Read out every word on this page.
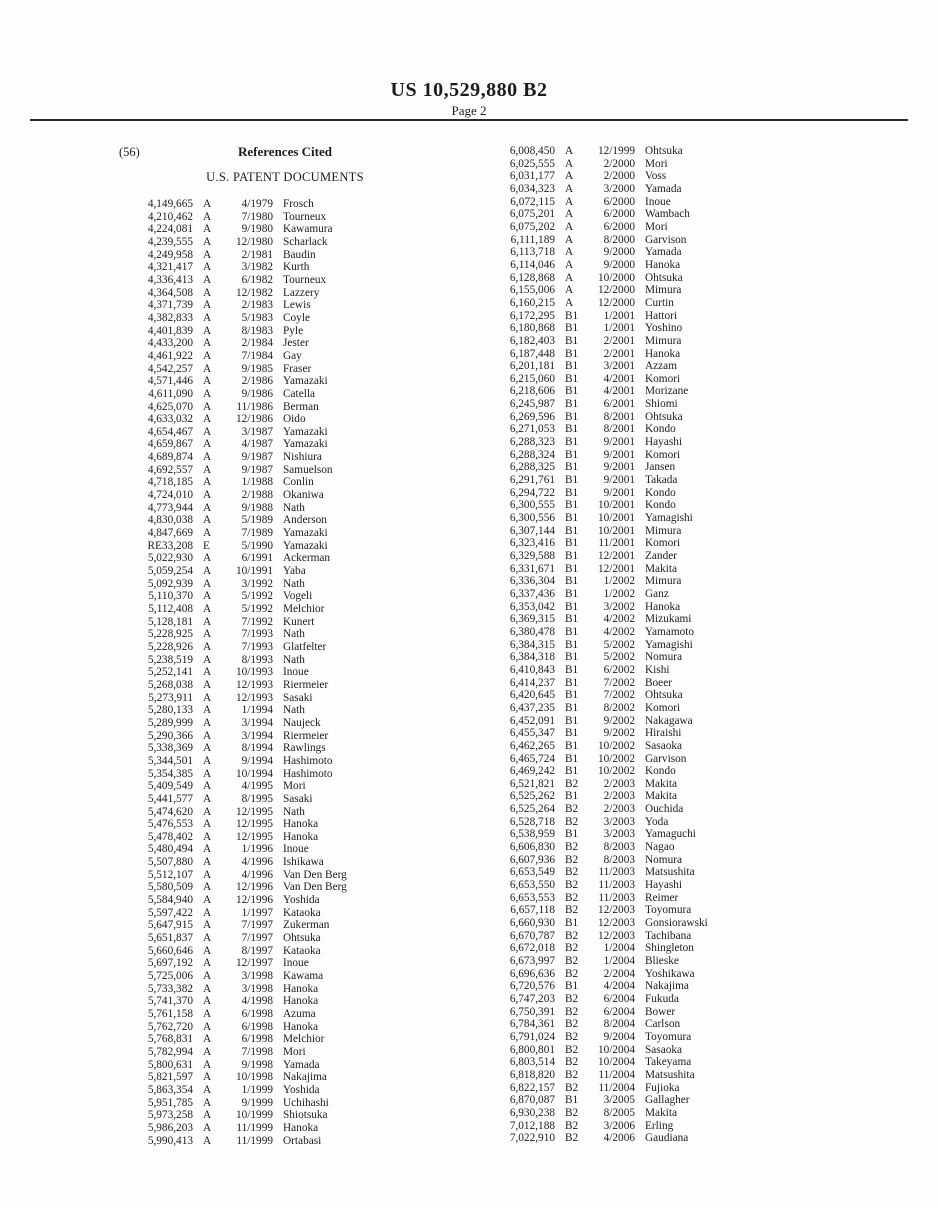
US 10,529,880 B2
Page 2
(56)	References Cited
U.S. PATENT DOCUMENTS
4,149,665 A	4/1979 Frosch
4,210,462 A	7/1980 Tourneux
4,224,081 A	9/1980 Kawamura
4,239,555 A	12/1980 Scharlack
4,249,958 A	2/1981 Baudin
4,321,417 A	3/1982 Kurth
4,336,413 A	6/1982 Tourneux
4,364,508 A	12/1982 Lazzery
4,371,739 A	2/1983 Lewis
4,382,833 A	5/1983 Coyle
4,401,839 A	8/1983 Pyle
4,433,200 A	2/1984 Jester
4,461,922 A	7/1984 Gay
4,542,257 A	9/1985 Fraser
4,571,446 A	2/1986 Yamazaki
4,611,090 A	9/1986 Catella
4,625,070 A	11/1986 Berman
4,633,032 A	12/1986 Oido
4,654,467 A	3/1987 Yamazaki
4,659,867 A	4/1987 Yamazaki
4,689,874 A	9/1987 Nishiura
4,692,557 A	9/1987 Samuelson
4,718,185 A	1/1988 Conlin
4,724,010 A	2/1988 Okaniwa
4,773,944 A	9/1988 Nath
4,830,038 A	5/1989 Anderson
4,847,669 A	7/1989 Yamazaki
RE33,208 E	5/1990 Yamazaki
5,022,930 A	6/1991 Ackerman
5,059,254 A	10/1991 Yaba
5,092,939 A	3/1992 Nath
5,110,370 A	5/1992 Vogeli
5,112,408 A	5/1992 Melchior
5,128,181 A	7/1992 Kunert
5,228,925 A	7/1993 Nath
5,228,926 A	7/1993 Glatfelter
5,238,519 A	8/1993 Nath
5,252,141 A	10/1993 Inoue
5,268,038 A	12/1993 Riermeier
5,273,911 A	12/1993 Sasaki
5,280,133 A	1/1994 Nath
5,289,999 A	3/1994 Naujeck
5,290,366 A	3/1994 Riermeier
5,338,369 A	8/1994 Rawlings
5,344,501 A	9/1994 Hashimoto
5,354,385 A	10/1994 Hashimoto
5,409,549 A	4/1995 Mori
5,441,577 A	8/1995 Sasaki
5,474,620 A	12/1995 Nath
5,476,553 A	12/1995 Hanoka
5,478,402 A	12/1995 Hanoka
5,480,494 A	1/1996 Inoue
5,507,880 A	4/1996 Ishikawa
5,512,107 A	4/1996 Van Den Berg
5,580,509 A	12/1996 Van Den Berg
5,584,940 A	12/1996 Yoshida
5,597,422 A	1/1997 Kataoka
5,647,915 A	7/1997 Zukerman
5,651,837 A	7/1997 Ohtsuka
5,660,646 A	8/1997 Kataoka
5,697,192 A	12/1997 Inoue
5,725,006 A	3/1998 Kawama
5,733,382 A	3/1998 Hanoka
5,741,370 A	4/1998 Hanoka
5,761,158 A	6/1998 Azuma
5,762,720 A	6/1998 Hanoka
5,768,831 A	6/1998 Melchior
5,782,994 A	7/1998 Mori
5,800,631 A	9/1998 Yamada
5,821,597 A	10/1998 Nakajima
5,863,354 A	1/1999 Yoshida
5,951,785 A	9/1999 Uchihashi
5,973,258 A	10/1999 Shiotsuka
5,986,203 A	11/1999 Hanoka
5,990,413 A	11/1999 Ortabasi
6,008,450 A	12/1999 Ohtsuka
6,025,555 A	2/2000 Mori
6,031,177 A	2/2000 Voss
6,034,323 A	3/2000 Yamada
6,072,115 A	6/2000 Inoue
6,075,201 A	6/2000 Wambach
6,075,202 A	6/2000 Mori
6,111,189 A	8/2000 Garvison
6,113,718 A	9/2000 Yamada
6,114,046 A	9/2000 Hanoka
6,128,868 A	10/2000 Ohtsuka
6,155,006 A	12/2000 Mimura
6,160,215 A	12/2000 Curtin
6,172,295 B1	1/2001 Hattori
6,180,868 B1	1/2001 Yoshino
6,182,403 B1	2/2001 Mimura
6,187,448 B1	2/2001 Hanoka
6,201,181 B1	3/2001 Azzam
6,215,060 B1	4/2001 Komori
6,218,606 B1	4/2001 Morizane
6,245,987 B1	6/2001 Shiomi
6,269,596 B1	8/2001 Ohtsuka
6,271,053 B1	8/2001 Kondo
6,288,323 B1	9/2001 Hayashi
6,288,324 B1	9/2001 Komori
6,288,325 B1	9/2001 Jansen
6,291,761 B1	9/2001 Takada
6,294,722 B1	9/2001 Kondo
6,300,555 B1	10/2001 Kondo
6,300,556 B1	10/2001 Yamagishi
6,307,144 B1	10/2001 Mimura
6,323,416 B1	11/2001 Komori
6,329,588 B1	12/2001 Zander
6,331,671 B1	12/2001 Makita
6,336,304 B1	1/2002 Mimura
6,337,436 B1	1/2002 Ganz
6,353,042 B1	3/2002 Hanoka
6,369,315 B1	4/2002 Mizukami
6,380,478 B1	4/2002 Yamamoto
6,384,315 B1	5/2002 Yamagishi
6,384,318 B1	5/2002 Nomura
6,410,843 B1	6/2002 Kishi
6,414,237 B1	7/2002 Boeer
6,420,645 B1	7/2002 Ohtsuka
6,437,235 B1	8/2002 Komori
6,452,091 B1	9/2002 Nakagawa
6,455,347 B1	9/2002 Hiraishi
6,462,265 B1	10/2002 Sasaoka
6,465,724 B1	10/2002 Garvison
6,469,242 B1	10/2002 Kondo
6,521,821 B2	2/2003 Makita
6,525,262 B1	2/2003 Makita
6,525,264 B2	2/2003 Ouchida
6,528,718 B2	3/2003 Yoda
6,538,959 B1	3/2003 Yamaguchi
6,606,830 B2	8/2003 Nagao
6,607,936 B2	8/2003 Nomura
6,653,549 B2	11/2003 Matsushita
6,653,550 B2	11/2003 Hayashi
6,653,553 B2	11/2003 Reimer
6,657,118 B2	12/2003 Toyomura
6,660,930 B1	12/2003 Gonsiorawski
6,670,787 B2	12/2003 Tachibana
6,672,018 B2	1/2004 Shingleton
6,673,997 B2	1/2004 Blieske
6,696,636 B2	2/2004 Yoshikawa
6,720,576 B1	4/2004 Nakajima
6,747,203 B2	6/2004 Fukuda
6,750,391 B2	6/2004 Bower
6,784,361 B2	8/2004 Carlson
6,791,024 B2	9/2004 Toyomura
6,800,801 B2	10/2004 Sasaoka
6,803,514 B2	10/2004 Takeyama
6,818,820 B2	11/2004 Matsushita
6,822,157 B2	11/2004 Fujioka
6,870,087 B1	3/2005 Gallagher
6,930,238 B2	8/2005 Makita
7,012,188 B2	3/2006 Erling
7,022,910 B2	4/2006 Gaudiana
